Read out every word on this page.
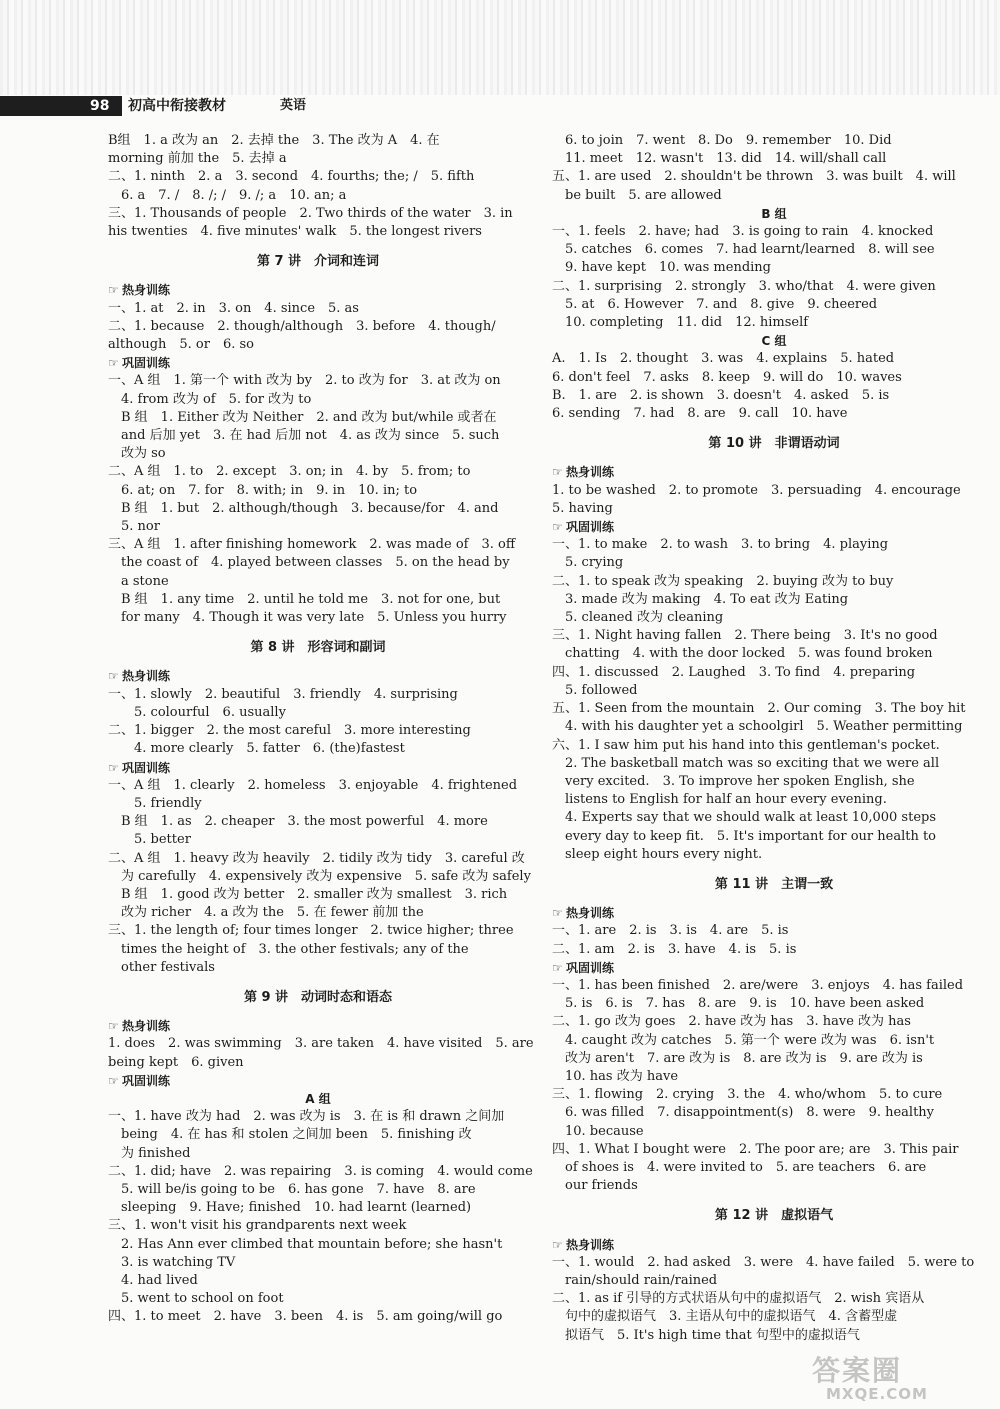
98	初高中衔接教材	英语
B组　1. a 改为 an　2. 去掉 the　3. The 改为 A　4. 在
morning 前加 the　5. 去掉 a
二、1. ninth　2. a　3. second　4. fourths; the; /　5. fifth
　6. a　7. /　8. /; /　9. /; a　10. an; a
三、1. Thousands of people　2. Two thirds of the water　3. in
his twenties　4. five minutes' walk　5. the longest rivers
第 7 讲　介词和连词
☞ 热身训练
一、1. at　2. in　3. on　4. since　5. as
二、1. because　2. though/although　3. before　4. though/
although　5. or　6. so
☞ 巩固训练
一、A 组　1. 第一个 with 改为 by　2. to 改为 for　3. at 改为 on
　4. from 改为 of　5. for 改为 to
　B 组　1. Either 改为 Neither　2. and 改为 but/while 或者在
　and 后加 yet　3. 在 had 后加 not　4. as 改为 since　5. such
　改为 so
二、A 组　1. to　2. except　3. on; in　4. by　5. from; to
　6. at; on　7. for　8. with; in　9. in　10. in; to
　B 组　1. but　2. although/though　3. because/for　4. and
　5. nor
三、A 组　1. after finishing homework　2. was made of　3. off
　the coast of　4. played between classes　5. on the head by
　a stone
　B 组　1. any time　2. until he told me　3. not for one, but
　for many　4. Though it was very late　5. Unless you hurry
第 8 讲　形容词和副词
☞ 热身训练
一、1. slowly　2. beautiful　3. friendly　4. surprising
　　5. colourful　6. usually
二、1. bigger　2. the most careful　3. more interesting
　　4. more clearly　5. fatter　6. (the)fastest
☞ 巩固训练
一、A 组　1. clearly　2. homeless　3. enjoyable　4. frightened
　　5. friendly
　B 组　1. as　2. cheaper　3. the most powerful　4. more
　　5. better
二、A 组　1. heavy 改为 heavily　2. tidily 改为 tidy　3. careful 改
　为 carefully　4. expensively 改为 expensive　5. safe 改为 safely
　B 组　1. good 改为 better　2. smaller 改为 smallest　3. rich
　改为 richer　4. a 改为 the　5. 在 fewer 前加 the
三、1. the length of; four times longer　2. twice higher; three
　times the height of　3. the other festivals; any of the
　other festivals
第 9 讲　动词时态和语态
☞ 热身训练
1. does　2. was swimming　3. are taken　4. have visited　5. are
being kept　6. given
☞ 巩固训练
A 组
一、1. have 改为 had　2. was 改为 is　3. 在 is 和 drawn 之间加
　being　4. 在 has 和 stolen 之间加 been　5. finishing 改
　为 finished
二、1. did; have　2. was repairing　3. is coming　4. would come
　5. will be/is going to be　6. has gone　7. have　8. are
　sleeping　9. Have; finished　10. had learnt (learned)
三、1. won't visit his grandparents next week
　2. Has Ann ever climbed that mountain before; she hasn't
　3. is watching TV
　4. had lived
　5. went to school on foot
四、1. to meet　2. have　3. been　4. is　5. am going/will go
　6. to join　7. went　8. Do　9. remember　10. Did
　11. meet　12. wasn't　13. did　14. will/shall call
五、1. are used　2. shouldn't be thrown　3. was built　4. will
　be built　5. are allowed
B 组
一、1. feels　2. have; had　3. is going to rain　4. knocked
　5. catches　6. comes　7. had learnt/learned　8. will see
　9. have kept　10. was mending
二、1. surprising　2. strongly　3. who/that　4. were given
　5. at　6. However　7. and　8. give　9. cheered
　10. completing　11. did　12. himself
C 组
A.　1. Is　2. thought　3. was　4. explains　5. hated
6. don't feel　7. asks　8. keep　9. will do　10. waves
B.　1. are　2. is shown　3. doesn't　4. asked　5. is
6. sending　7. had　8. are　9. call　10. have
第 10 讲　非谓语动词
☞ 热身训练
1. to be washed　2. to promote　3. persuading　4. encourage
5. having
☞ 巩固训练
一、1. to make　2. to wash　3. to bring　4. playing
　5. crying
二、1. to speak 改为 speaking　2. buying 改为 to buy
　3. made 改为 making　4. To eat 改为 Eating
　5. cleaned 改为 cleaning
三、1. Night having fallen　2. There being　3. It's no good
　chatting　4. with the door locked　5. was found broken
四、1. discussed　2. Laughed　3. To find　4. preparing
　5. followed
五、1. Seen from the mountain　2. Our coming　3. The boy hit
　4. with his daughter yet a schoolgirl　5. Weather permitting
六、1. I saw him put his hand into this gentleman's pocket.
　2. The basketball match was so exciting that we were all
　very excited.　3. To improve her spoken English, she
　listens to English for half an hour every evening.
　4. Experts say that we should walk at least 10,000 steps
　every day to keep fit.　5. It's important for our health to
　sleep eight hours every night.
第 11 讲　主谓一致
☞ 热身训练
一、1. are　2. is　3. is　4. are　5. is
二、1. am　2. is　3. have　4. is　5. is
☞ 巩固训练
一、1. has been finished　2. are/were　3. enjoys　4. has failed
　5. is　6. is　7. has　8. are　9. is　10. have been asked
二、1. go 改为 goes　2. have 改为 has　3. have 改为 has
　4. caught 改为 catches　5. 第一个 were 改为 was　6. isn't
　改为 aren't　7. are 改为 is　8. are 改为 is　9. are 改为 is
　10. has 改为 have
三、1. flowing　2. crying　3. the　4. who/whom　5. to cure
　6. was filled　7. disappointment(s)　8. were　9. healthy
　10. because
四、1. What I bought were　2. The poor are; are　3. This pair
　of shoes is　4. were invited to　5. are teachers　6. are
　our friends
第 12 讲　虚拟语气
☞ 热身训练
一、1. would　2. had asked　3. were　4. have failed　5. were to
　rain/should rain/rained
二、1. as if 引导的方式状语从句中的虚拟语气　2. wish 宾语从
　句中的虚拟语气　3. 主语从句中的虚拟语气　4. 含蓄型虚
　拟语气　5. It's high time that 句型中的虚拟语气
答案圈
MXQE.COM
